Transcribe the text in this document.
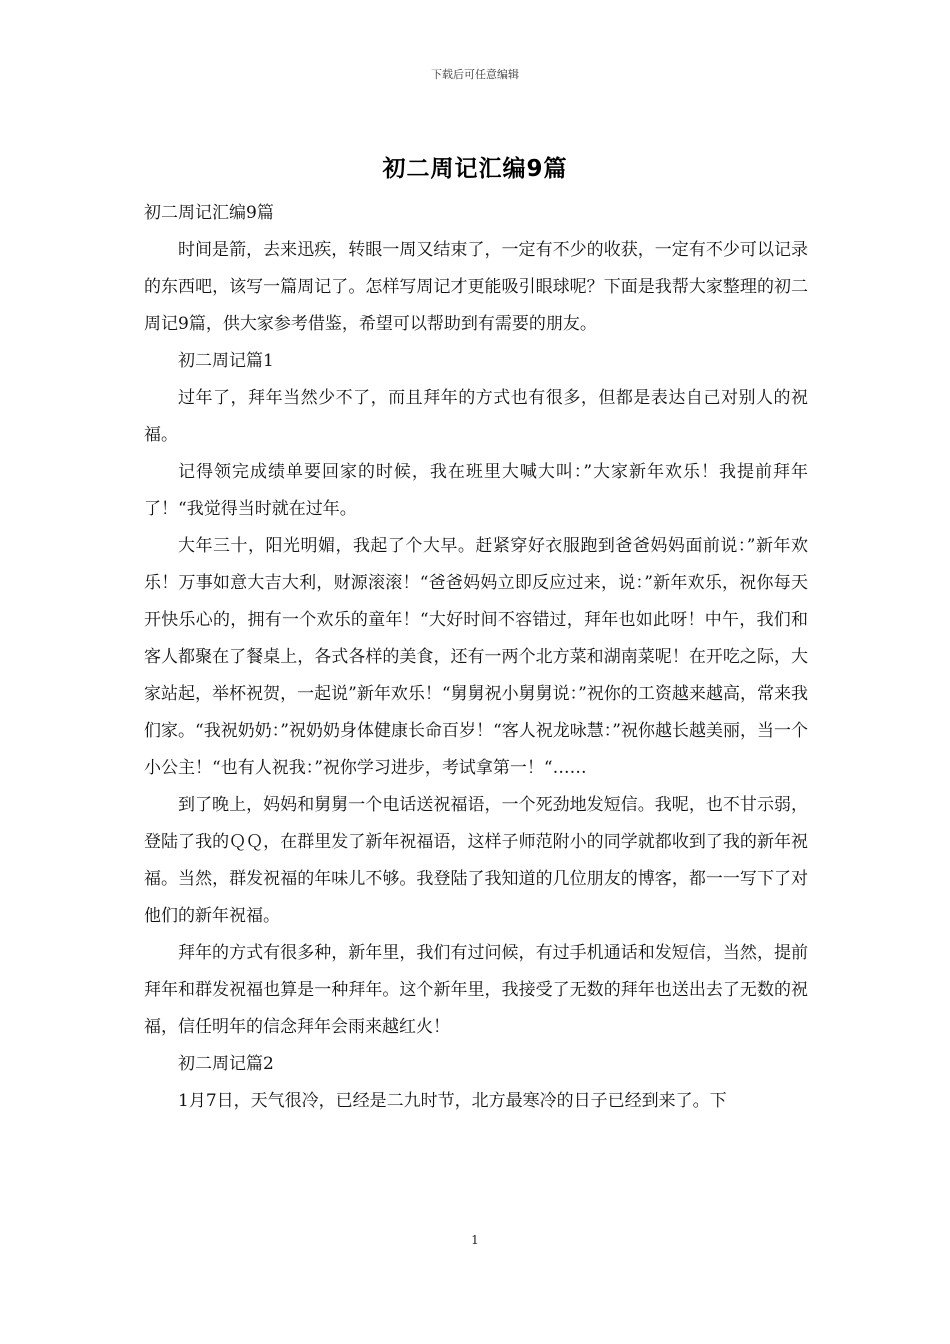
下载后可任意编辑
初二周记汇编9篇

初二周记汇编9篇

时间是箭，去来迅疾，转眼一周又结束了，一定有不少的收获，一定有不少可以记录的东西吧，该写一篇周记了。怎样写周记才更能吸引眼球呢？下面是我帮大家整理的初二周记9篇，供大家参考借鉴，希望可以帮助到有需要的朋友。

初二周记篇1

过年了，拜年当然少不了，而且拜年的方式也有很多，但都是表达自己对别人的祝福。

记得领完成绩单要回家的时候，我在班里大喊大叫：”大家新年欢乐！我提前拜年了！“我觉得当时就在过年。

大年三十，阳光明媚，我起了个大早。赶紧穿好衣服跑到爸爸妈妈面前说：”新年欢乐！万事如意大吉大利，财源滚滚！“爸爸妈妈立即反应过来，说：”新年欢乐，祝你每天开快乐心的，拥有一个欢乐的童年！“大好时间不容错过，拜年也如此呀！中午，我们和客人都聚在了餐桌上，各式各样的美食，还有一两个北方菜和湖南菜呢！在开吃之际，大家站起，举杯祝贺，一起说”新年欢乐！“舅舅祝小舅舅说：”祝你的工资越来越高，常来我们家。“我祝奶奶：”祝奶奶身体健康长命百岁！“客人祝龙咏慧：”祝你越长越美丽，当一个小公主！“也有人祝我：”祝你学习进步，考试拿第一！“……

到了晚上，妈妈和舅舅一个电话送祝福语，一个死劲地发短信。我呢，也不甘示弱，登陆了我的ＱＱ，在群里发了新年祝福语，这样子师范附小的同学就都收到了我的新年祝福。当然，群发祝福的年味儿不够。我登陆了我知道的几位朋友的博客，都一一写下了对他们的新年祝福。

拜年的方式有很多种，新年里，我们有过问候，有过手机通话和发短信，当然，提前拜年和群发祝福也算是一种拜年。这个新年里，我接受了无数的拜年也送出去了无数的祝福，信任明年的信念拜年会雨来越红火！

初二周记篇2

1月7日，天气很冷，已经是二九时节，北方最寒冷的日子已经到来了。下

1
